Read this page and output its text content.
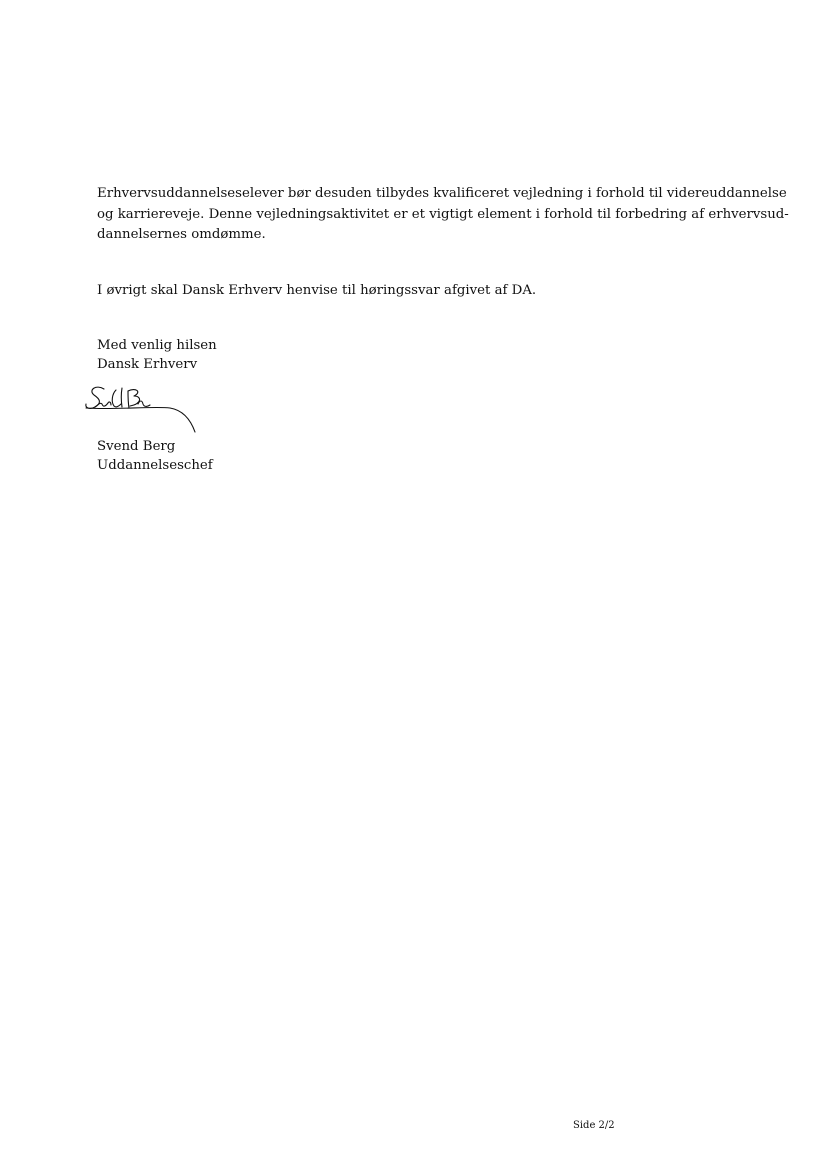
Erhvervsuddannelseselever bør desuden tilbydes kvalificeret vejledning i forhold til videreuddannelse
og karriereveje. Denne vejledningsaktivitet er et vigtigt element i forhold til forbedring af erhvervsud-
dannelsernes omdømme.

I øvrigt skal Dansk Erhverv henvise til høringssvar afgivet af DA.

Med venlig hilsen
Dansk Erhverv
Svend Berg
Uddannelseschef
Side 2/2
